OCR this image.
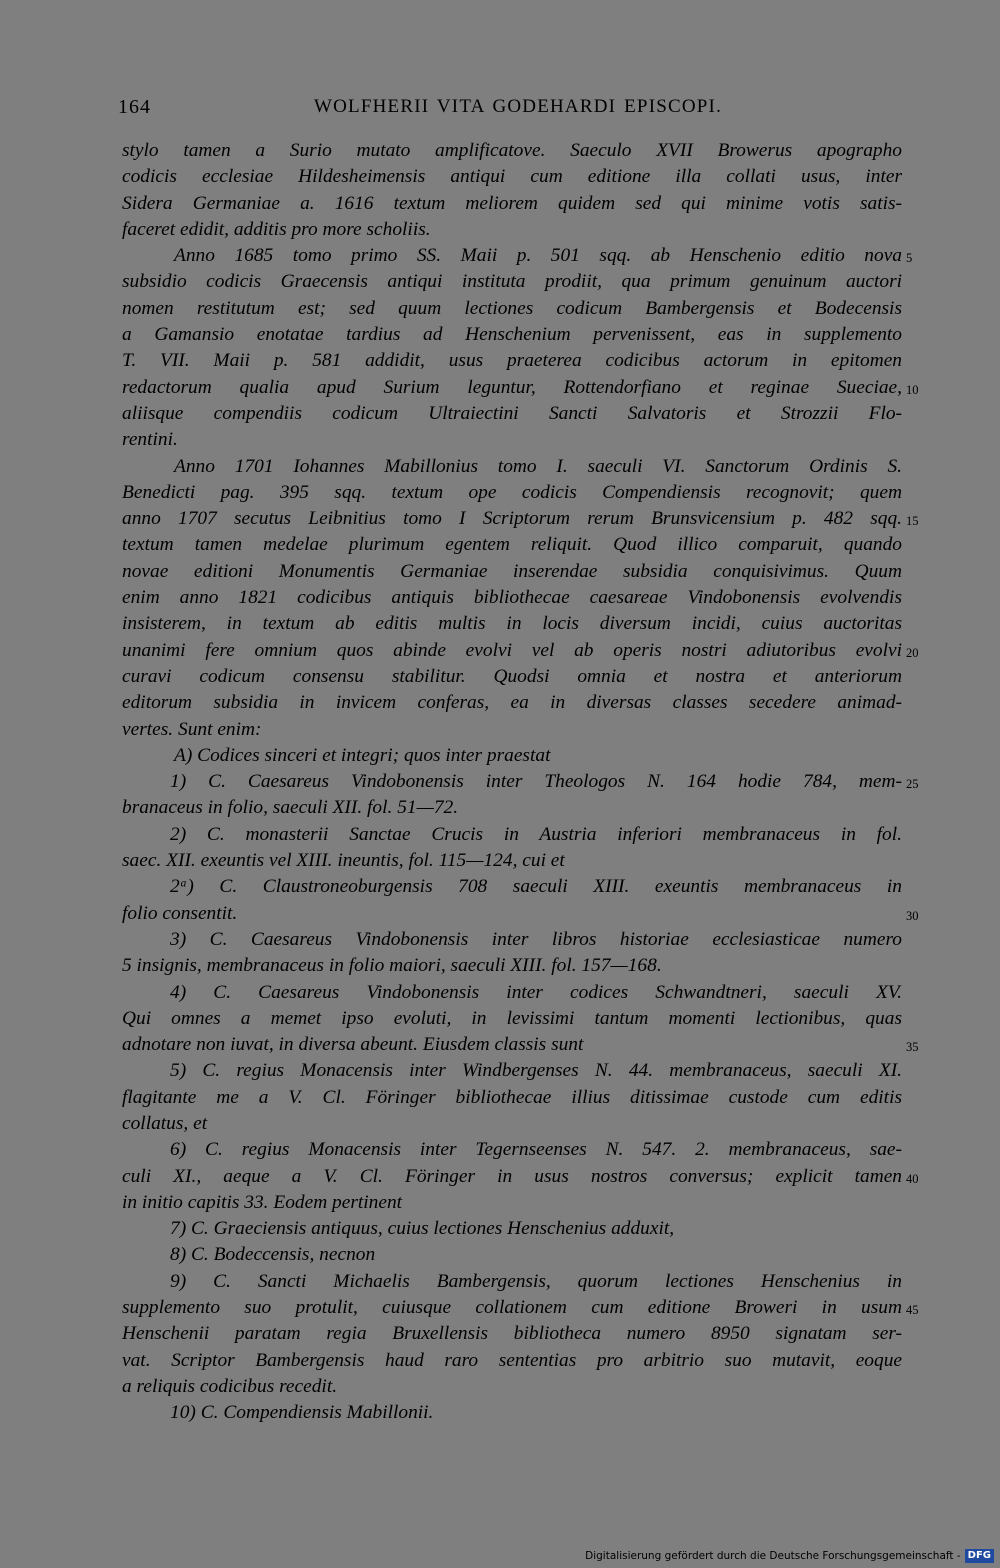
164	WOLFHERII VITA GODEHARDI EPISCOPI.
stylo tamen a Surio mutato amplificatove. Saeculo XVII Browerus apographo
codicis ecclesiae Hildesheimensis antiqui cum editione illa collati usus, inter
Sidera Germaniae a. 1616 textum meliorem quidem sed qui minime votis satis-
faceret edidit, additis pro more scholiis.
Anno 1685 tomo primo SS. Maii p. 501 sqq. ab Henschenio editio nova 5
subsidio codicis Graecensis antiqui instituta prodiit, qua primum genuinum auctori
nomen restitutum est; sed quum lectiones codicum Bambergensis et Bodecensis
a Gamansio enotatae tardius ad Henschenium pervenissent, eas in supplemento
T. VII. Maii p. 581 addidit, usus praeterea codicibus actorum in epitomen
redactorum qualia apud Surium leguntur, Rottendorfiano et reginae Sueciae, 10
aliisque compendiis codicum Ultraiectini Sancti Salvatoris et Strozzii Flo-
rentini.
Anno 1701 Iohannes Mabillonius tomo I. saeculi VI. Sanctorum Ordinis S.
Benedicti pag. 395 sqq. textum ope codicis Compendiensis recognovit; quem
anno 1707 secutus Leibnitius tomo I Scriptorum rerum Brunsvicensium p. 482 sqq. 15
textum tamen medelae plurimum egentem reliquit. Quod illico comparuit, quando
novae editioni Monumentis Germaniae inserendae subsidia conquisivimus. Quum
enim anno 1821 codicibus antiquis bibliothecae caesareae Vindobonensis evolvendis
insisterem, in textum ab editis multis in locis diversum incidi, cuius auctoritas
unanimi fere omnium quos abinde evolvi vel ab operis nostri adiutoribus evolvi 20
curavi codicum consensu stabilitur. Quodsi omnia et nostra et anteriorum
editorum subsidia in invicem conferas, ea in diversas classes secedere animad-
vertes. Sunt enim:
A) Codices sinceri et integri; quos inter praestat
1) C. Caesareus Vindobonensis inter Theologos N. 164 hodie 784, mem- 25
branaceus in folio, saeculi XII. fol. 51—72.
2) C. monasterii Sanctae Crucis in Austria inferiori membranaceus in fol.
saec. XII. exeuntis vel XIII. ineuntis, fol. 115—124, cui et
2ᵃ) C. Claustroneoburgensis 708 saeculi XIII. exeuntis membranaceus in
folio consentit.	30
3) C. Caesareus Vindobonensis inter libros historiae ecclesiasticae numero
5 insignis, membranaceus in folio maiori, saeculi XIII. fol. 157—168.
4) C. Caesareus Vindobonensis inter codices Schwandtneri, saeculi XV.
Qui omnes a memet ipso evoluti, in levissimi tantum momenti lectionibus, quas
adnotare non iuvat, in diversa abeunt. Eiusdem classis sunt	35
5) C. regius Monacensis inter Windbergenses N. 44. membranaceus, saeculi XI.
flagitante me a V. Cl. Föringer bibliothecae illius ditissimae custode cum editis
collatus, et
6) C. regius Monacensis inter Tegernseenses N. 547. 2. membranaceus, sae-
culi XI., aeque a V. Cl. Föringer in usus nostros conversus; explicit tamen 40
in initio capitis 33. Eodem pertinent
7) C. Graeciensis antiquus, cuius lectiones Henschenius adduxit,
8) C. Bodeccensis, necnon
9) C. Sancti Michaelis Bambergensis, quorum lectiones Henschenius in
supplemento suo protulit, cuiusque collationem cum editione Broweri in usum 45
Henschenii paratam regia Bruxellensis bibliotheca numero 8950 signatam ser-
vat. Scriptor Bambergensis haud raro sententias pro arbitrio suo mutavit, eoque
a reliquis codicibus recedit.
10) C. Compendiensis Mabillonii.
Digitalisierung gefördert durch die Deutsche Forschungsgemeinschaft - DFG
